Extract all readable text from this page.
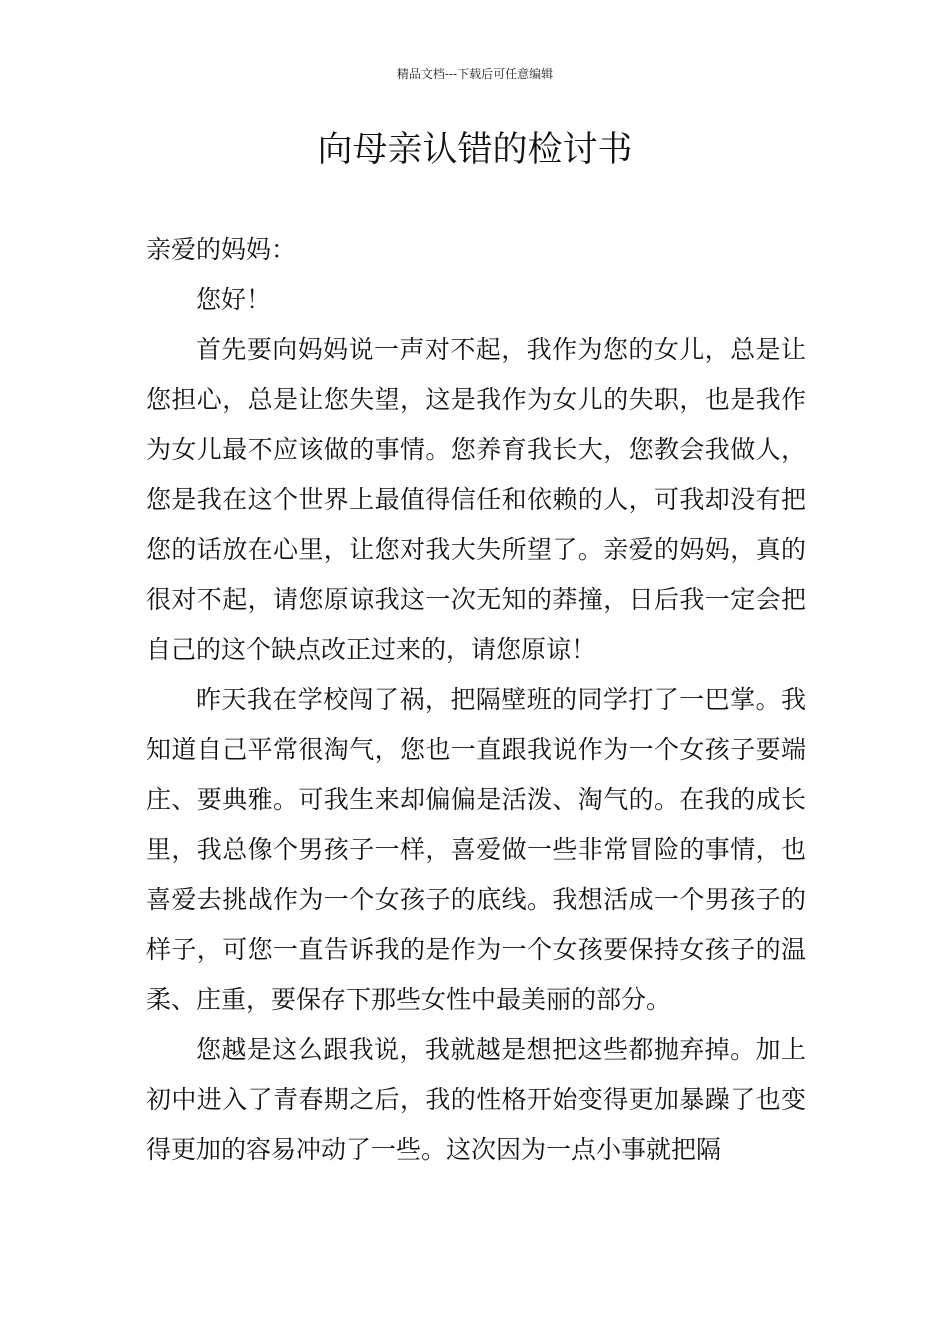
精品文档---下载后可任意编辑
向母亲认错的检讨书

亲爱的妈妈：

您好！

首先要向妈妈说一声对不起，我作为您的女儿，总是让您担心，总是让您失望，这是我作为女儿的失职，也是我作为女儿最不应该做的事情。您养育我长大，您教会我做人，您是我在这个世界上最值得信任和依赖的人，可我却没有把您的话放在心里，让您对我大失所望了。亲爱的妈妈，真的很对不起，请您原谅我这一次无知的莽撞，日后我一定会把自己的这个缺点改正过来的，请您原谅！

昨天我在学校闯了祸，把隔壁班的同学打了一巴掌。我知道自己平常很淘气，您也一直跟我说作为一个女孩子要端庄、要典雅。可我生来却偏偏是活泼、淘气的。在我的成长里，我总像个男孩子一样，喜爱做一些非常冒险的事情，也喜爱去挑战作为一个女孩子的底线。我想活成一个男孩子的样子，可您一直告诉我的是作为一个女孩要保持女孩子的温柔、庄重，要保存下那些女性中最美丽的部分。

您越是这么跟我说，我就越是想把这些都抛弃掉。加上初中进入了青春期之后，我的性格开始变得更加暴躁了也变得更加的容易冲动了一些。这次因为一点小事就把隔
